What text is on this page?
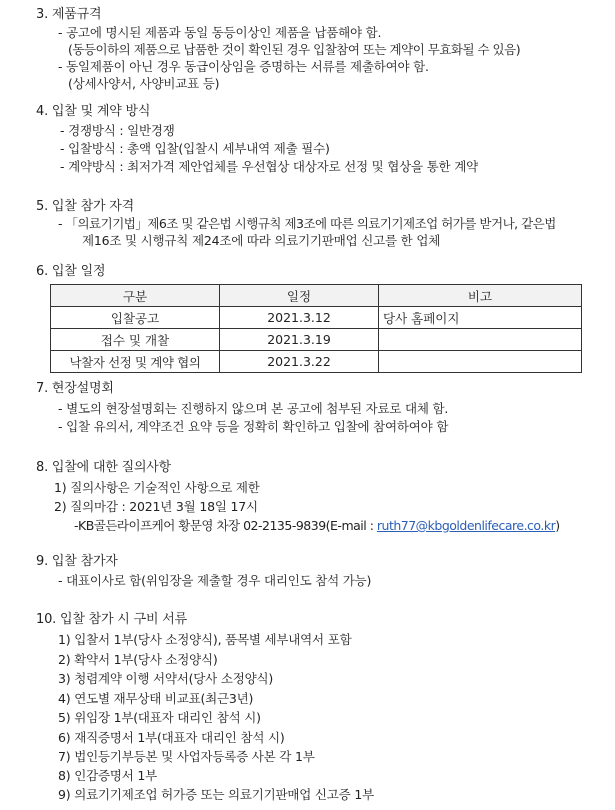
3. 제품규격
- 공고에 명시된 제품과 동일 동등이상인 제품을 납품해야 함.
(동등이하의 제품으로 납품한 것이 확인된 경우 입찰참여 또는 계약이 무효화될 수 있음)
- 동일제품이 아닌 경우 동급이상임을 증명하는 서류를 제출하여야 함.
(상세사양서, 사양비교표 등)
4. 입찰 및 계약 방식
- 경쟁방식 : 일반경쟁
- 입찰방식 : 총액 입찰(입찰시 세부내역 제출 필수)
- 계약방식 : 최저가격 제안업체를 우선협상 대상자로 선정 및 협상을 통한 계약
5. 입찰 참가 자격
- 「의료기기법」제6조 및 같은법 시행규칙 제3조에 따른 의료기기제조업 허가를 받거나, 같은법
제16조 및 시행규칙 제24조에 따라 의료기기판매업 신고를 한 업체
6. 입찰 일정
구분	일정	비고
입찰공고	2021.3.12	당사 홈페이지
접수 및 개찰	2021.3.19	
낙찰자 선정 및 계약 협의	2021.3.22	
7. 현장설명회
- 별도의 현장설명회는 진행하지 않으며 본 공고에 첨부된 자료로 대체 함.
- 입찰 유의서, 계약조건 요약 등을 정확히 확인하고 입찰에 참여하여야 함
8. 입찰에 대한 질의사항
1) 질의사항은 기술적인 사항으로 제한
2) 질의마감 : 2021년 3월 18일 17시
-KB골든라이프케어 황문영 차장 02-2135-9839(E-mail : ruth77@kbgoldenlifecare.co.kr)
9. 입찰 참가자
- 대표이사로 함(위임장을 제출할 경우 대리인도 참석 가능)
10. 입찰 참가 시 구비 서류
1) 입찰서 1부(당사 소정양식), 품목별 세부내역서 포함
2) 확약서 1부(당사 소정양식)
3) 청렴계약 이행 서약서(당사 소정양식)
4) 연도별 재무상태 비교표(최근3년)
5) 위임장 1부(대표자 대리인 참석 시)
6) 재직증명서 1부(대표자 대리인 참석 시)
7) 법인등기부등본 및 사업자등록증 사본 각 1부
8) 인감증명서 1부
9) 의료기기제조업 허가증 또는 의료기기판매업 신고증 1부
